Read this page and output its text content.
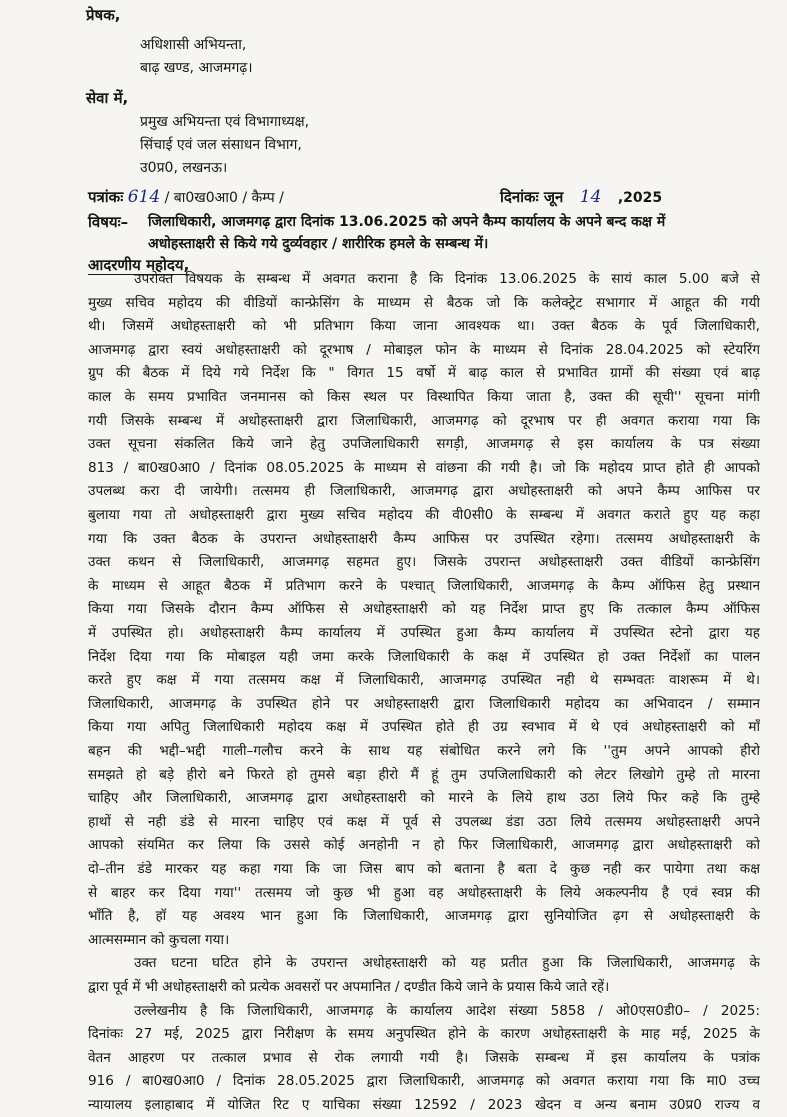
प्रेषक,
अधिशासी अभियन्ता,
बाढ़ खण्ड, आजमगढ़।
सेवा में,
प्रमुख अभियन्ता एवं विभागाध्यक्ष,
सिंचाई एवं जल संसाधन विभाग,
उ0प्र0, लखनऊ।
पत्रांकः 614 / बा0ख0आ0 / कैम्प /	दिनांकः जून 14 ,2025
विषयः– जिलाधिकारी, आजमगढ़ द्वारा दिनांक 13.06.2025 को अपने कैम्प कार्यालय के अपने बन्द कक्ष में
अधोहस्ताक्षरी से किये गये दुर्व्यवहार / शारीरिक हमले के सम्बन्ध में।
आदरणीय महोदय,
उपरोक्त विषयक के सम्बन्ध में अवगत कराना है कि दिनांक 13.06.2025 के सायं काल 5.00 बजे से
मुख्य सचिव महोदय की वीडियों कान्फ्रेसिंग के माध्यम से बैठक जो कि कलेक्ट्रेट सभागार में आहूत की गयी
थी। जिसमें अधोहस्ताक्षरी को भी प्रतिभाग किया जाना आवश्यक था। उक्त बैठक के पूर्व जिलाधिकारी,
आजमगढ़ द्वारा स्वयं अधोहस्ताक्षरी को दूरभाष / मोबाइल फोन के माध्यम से दिनांक 28.04.2025 को स्टेयरिंग
ग्रुप की बैठक में दिये गये निर्देश कि " विगत 15 वर्षो में बाढ़ काल से प्रभावित ग्रामों की संख्या एवं बाढ़
काल के समय प्रभावित जनमानस को किस स्थल पर विस्थापित किया जाता है, उक्त की सूची'' सूचना मांगी
गयी जिसके सम्बन्ध में अधोहस्ताक्षरी द्वारा जिलाधिकारी, आजमगढ़ को दूरभाष पर ही अवगत कराया गया कि
उक्त सूचना संकलित किये जाने हेतु उपजिलाधिकारी सगड़ी, आजमगढ़ से इस कार्यालय के पत्र संख्या
813 / बा0ख0आ0 / दिनांक 08.05.2025 के माध्यम से वांछना की गयी है। जो कि महोदय प्राप्त होते ही आपको
उपलब्ध करा दी जायेगी। तत्समय ही जिलाधिकारी, आजमगढ़ द्वारा अधोहस्ताक्षरी को अपने कैम्प आफिस पर
बुलाया गया तो अधोहस्ताक्षरी द्वारा मुख्य सचिव महोदय की वी0सी0 के सम्बन्ध में अवगत कराते हुए यह कहा
गया कि उक्त बैठक के उपरान्त अधोहस्ताक्षरी कैम्प आफिस पर उपस्थित रहेगा। तत्समय अधोहस्ताक्षरी के
उक्त कथन से जिलाधिकारी, आजमगढ़ सहमत हुए। जिसके उपरान्त अधोहस्ताक्षरी उक्त वीडियों कान्फ्रेसिंग
के माध्यम से आहूत बैठक में प्रतिभाग करने के पश्चात् जिलाधिकारी, आजमगढ़ के कैम्प ऑफिस हेतु प्रस्थान
किया गया जिसके दौरान कैम्प ऑफिस से अधोहस्ताक्षरी को यह निर्देश प्राप्त हुए कि तत्काल कैम्प ऑफिस
में उपस्थित हो। अधोहस्ताक्षरी कैम्प कार्यालय में उपस्थित हुआ कैम्प कार्यालय में उपस्थित स्टेनो द्वारा यह
निर्देश दिया गया कि मोबाइल यही जमा करके जिलाधिकारी के कक्ष में उपस्थित हो उक्त निर्देशों का पालन
करते हुए कक्ष में गया तत्समय कक्ष में जिलाधिकारी, आजमगढ़ उपस्थित नही थे सम्भवतः वाशरूम में थे।
जिलाधिकारी, आजमगढ़ के उपस्थित होने पर अधोहस्ताक्षरी द्वारा जिलाधिकारी महोदय का अभिवादन / सम्मान
किया गया अपितु जिलाधिकारी महोदय कक्ष में उपस्थित होते ही उग्र स्वभाव में थे एवं अधोहस्ताक्षरी को माँ
बहन की भद्दी–भद्दी गाली–गलौच करने के साथ यह संबोधित करने लगे कि ''तुम अपने आपको हीरो
समझते हो बड़े हीरो बने फिरते हो तुमसे बड़ा हीरो मैं हूं तुम उपजिलाधिकारी को लेटर लिखोगे तुम्हे तो मारना
चाहिए और जिलाधिकारी, आजमगढ़ द्वारा अधोहस्ताक्षरी को मारने के लिये हाथ उठा लिये फिर कहे कि तुम्हे
हाथों से नही डंडे से मारना चाहिए एवं कक्ष में पूर्व से उपलब्ध डंडा उठा लिये तत्समय अधोहस्ताक्षरी अपने
आपको संयमित कर लिया कि उससे कोई अनहोनी न हो फिर जिलाधिकारी, आजमगढ़ द्वारा अधोहस्ताक्षरी को
दो–तीन डंडे मारकर यह कहा गया कि जा जिस बाप को बताना है बता दे कुछ नही कर पायेगा तथा कक्ष
से बाहर कर दिया गया'' तत्समय जो कुछ भी हुआ वह अधोहस्ताक्षरी के लिये अकल्पनीय है एवं स्वप्न की
भाँति है, हॉ यह अवश्य भान हुआ कि जिलाधिकारी, आजमगढ़ द्वारा सुनियोजित ढ़ग से अधोहस्ताक्षरी के
आत्मसम्मान को कुचला गया।
उक्त घटना घटित होने के उपरान्त अधोहस्ताक्षरी को यह प्रतीत हुआ कि जिलाधिकारी, आजमगढ़ के
द्वारा पूर्व में भी अधोहस्ताक्षरी को प्रत्येक अवसरों पर अपमानित / दण्डीत किये जाने के प्रयास किये जाते रहें।
उल्लेखनीय है कि जिलाधिकारी, आजमगढ़ के कार्यालय आदेश संख्या 5858 / ओ0एस0डी0– / 2025:
दिनांकः 27 मई, 2025 द्वारा निरीक्षण के समय अनुपस्थित होने के कारण अधोहस्ताक्षरी के माह मई, 2025 के
वेतन आहरण पर तत्काल प्रभाव से रोक लगायी गयी है। जिसके सम्बन्ध में इस कार्यालय के पत्रांक
916 / बा0ख0आ0 / दिनांक 28.05.2025 द्वारा जिलाधिकारी, आजमगढ़ को अवगत कराया गया कि मा0 उच्च
न्यायालय इलाहाबाद में योजित रिट ए याचिका संख्या 12592 / 2023 खेदन व अन्य बनाम उ0प्र0 राज्य व
